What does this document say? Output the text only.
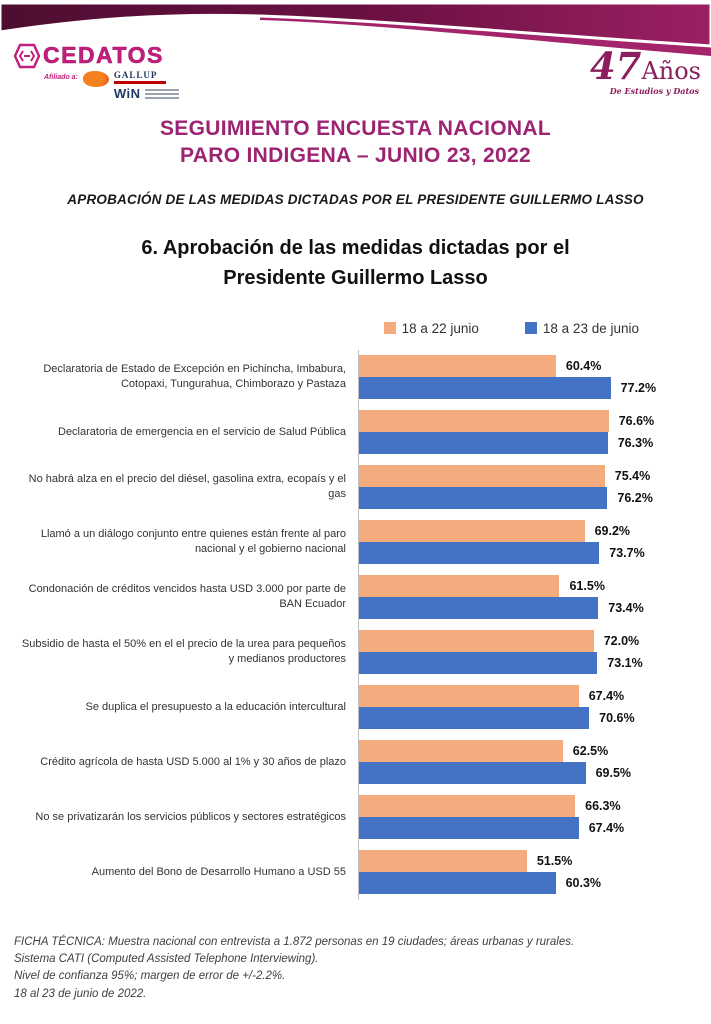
CEDATOS
Afiliado a:	GALLUP
WiN
47Años
De Estudios y Datos
SEGUIMIENTO ENCUESTA NACIONAL
PARO INDIGENA – JUNIO 23, 2022
APROBACIÓN DE LAS MEDIDAS DICTADAS POR EL PRESIDENTE GUILLERMO LASSO
6. Aprobación de las medidas dictadas por el
Presidente Guillermo Lasso
18 a 22 junio	18 a 23 de junio
Declaratoria de Estado de Excepción en Pichincha, Imbabura, Cotopaxi, Tungurahua, Chimborazo y Pastaza
60.4%
77.2%
Declaratoria de emergencia en el servicio de Salud Pública
76.6%
76.3%
No habrá alza en el precio del diésel, gasolina extra, ecopaís y el gas
75.4%
76.2%
Llamó a un diálogo conjunto entre quienes están frente al paro nacional y el gobierno nacional
69.2%
73.7%
Condonación de créditos vencidos hasta USD 3.000 por parte de BAN Ecuador
61.5%
73.4%
Subsidio de hasta el 50% en el el precio de la urea para pequeños y medianos productores
72.0%
73.1%
Se duplica el presupuesto a la educación intercultural
67.4%
70.6%
Crédito agrícola de hasta USD 5.000 al 1% y 30 años de plazo
62.5%
69.5%
No se privatizarán los servicios públicos y sectores estratégicos
66.3%
67.4%
Aumento del Bono de Desarrollo Humano a USD 55
51.5%
60.3%
FICHA TÉCNICA: Muestra nacional con entrevista a 1.872 personas en 19 ciudades; áreas urbanas y rurales.
Sistema CATI (Computed Assisted Telephone Interviewing).
Nivel de confianza 95%; margen de error de +/-2.2%.
18 al 23 de junio de 2022.
